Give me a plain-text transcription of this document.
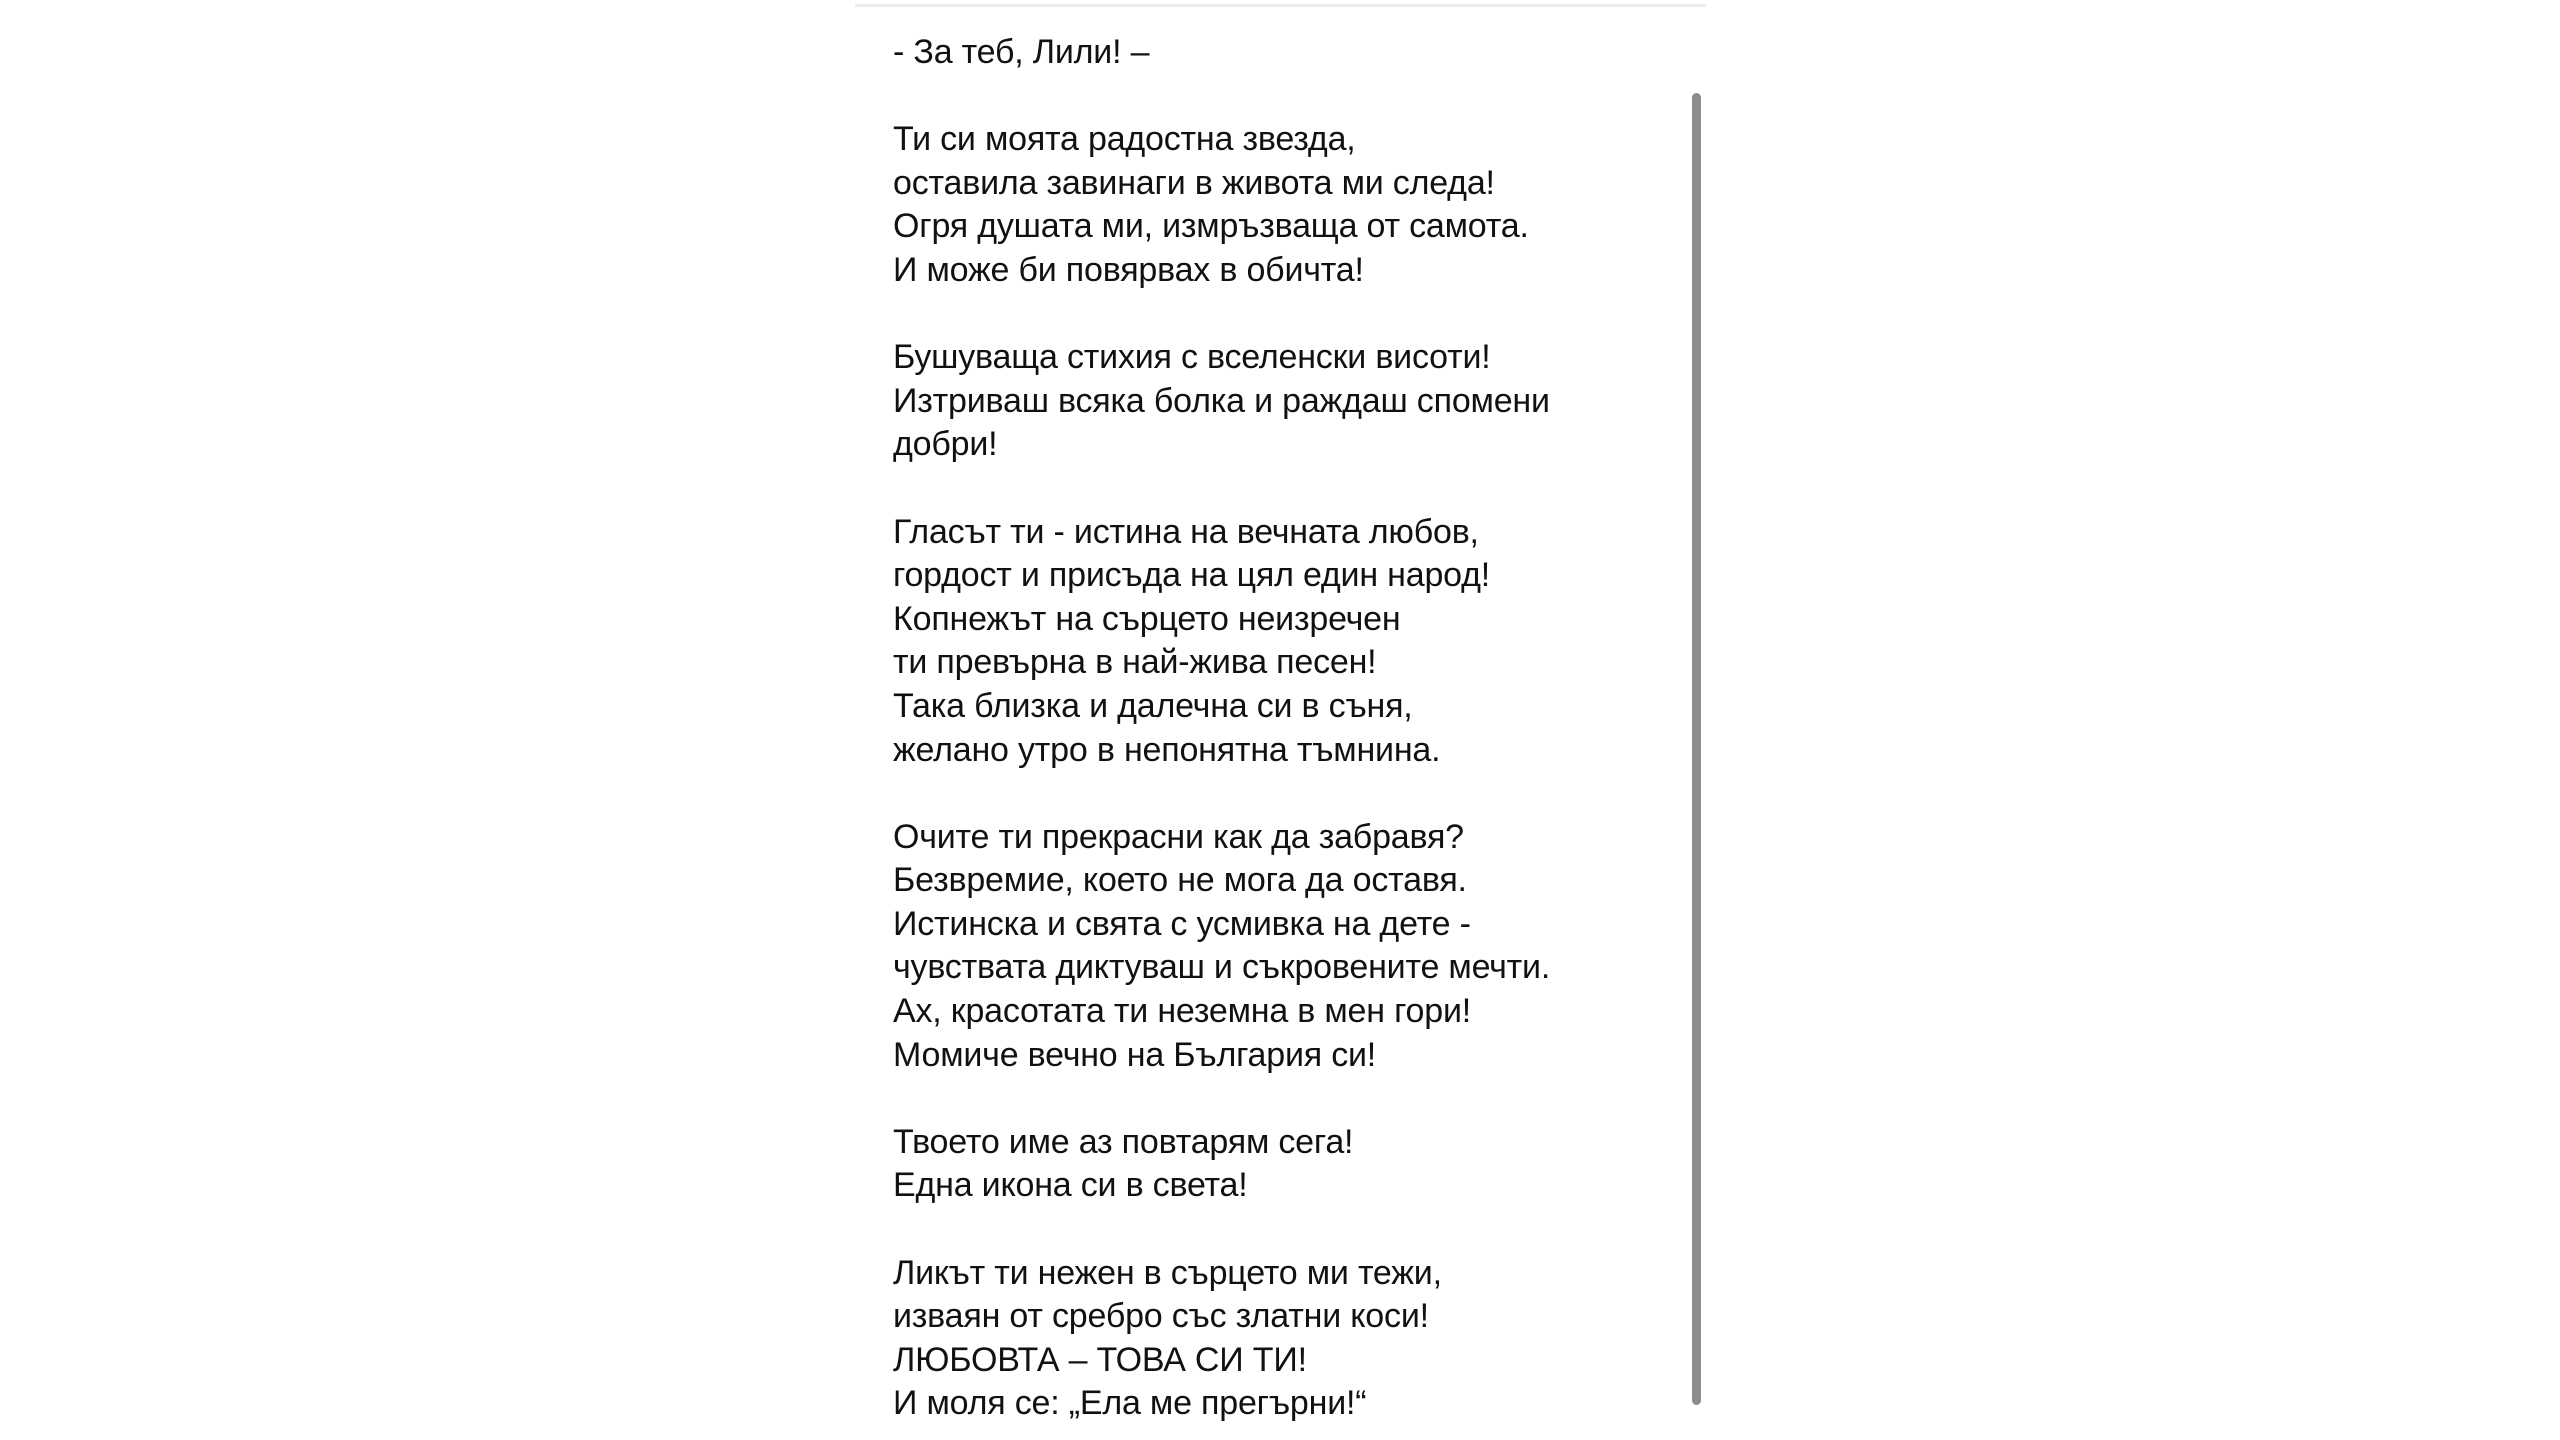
- За теб, Лили! –
Ти си моята радостна звезда,
оставила завинаги в живота ми следа!
Огря душата ми, измръзваща от самота.
И може би повярвах в обичта!
Бушуваща стихия с вселенски висоти!
Изтриваш всяка болка и раждаш спомени
добри!
Гласът ти - истина на вечната любов,
гордост и присъда на цял един народ!
Копнежът на сърцето неизречен
ти превърна в най-жива песен!
Така близка и далечна си в съня,
желано утро в непонятна тъмнина.
Очите ти прекрасни как да забравя?
Безвремие, което не мога да оставя.
Истинска и свята с усмивка на дете -
чувствата диктуваш и съкровените мечти.
Ах, красотата ти неземна в мен гори!
Момиче вечно на България си!
Твоето име аз повтарям сега!
Една икона си в света!
Ликът ти нежен в сърцето ми тежи,
изваян от сребро със златни коси!
ЛЮБОВТА – ТОВА СИ ТИ!
И моля се: „Ела ме прегърни!“
